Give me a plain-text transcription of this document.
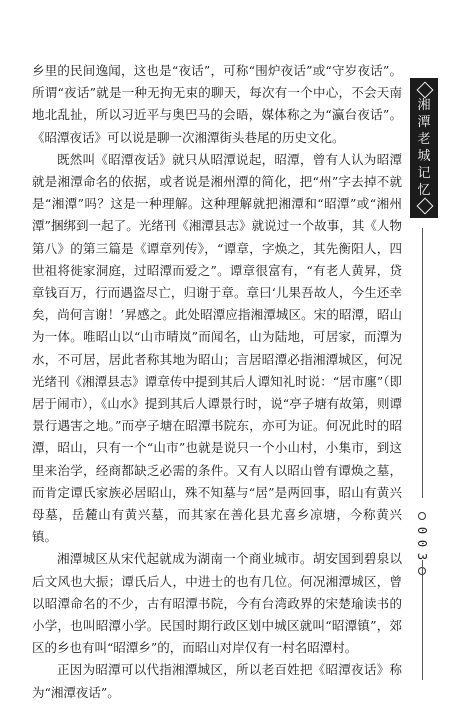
乡里的民间逸闻，这也是“夜话”，可称“围炉夜话”或“守岁夜话”。所谓“夜话”就是一种无拘无束的聊天，每次有一个中心，不会天南地北乱扯，所以习近平与奥巴马的会晤，媒体称之为“瀛台夜话”。《昭潭夜话》可以说是聊一次湘潭街头巷尾的历史文化。

既然叫《昭潭夜话》就只从昭潭说起，昭潭，曾有人认为昭潭就是湘潭命名的依据，或者说是湘州潭的简化，把“州”字去掉不就是“湘潭”吗？这是一种理解。这种理解就把湘潭和“昭潭”或“湘州潭”捆绑到一起了。光绪刊《湘潭县志》就说过一个故事，其《人物第八》的第三篇是《谭章列传》，“谭章，字焕之，其先衡阳人，四世祖将徙家洞庭，过昭潭而爱之”。谭章很富有，“有老人黄昇，贷章钱百万，行而遇盗尽亡，归谢于章。章曰‘儿果吾故人，今生还幸矣，尚何言谢！’昇感之。此处昭潭应指湘潭城区。宋的昭潭，昭山为一体。唯昭山以“山市晴岚”而闻名，山为陆地，可居家，而潭为水，不可居，居此者称其地为昭山；言居昭潭必指湘潭城区，何况光绪刊《湘潭县志》谭章传中提到其后人谭知礼时说：“居市廛”（即居于闹市），《山水》提到其后人谭景行时，说“亭子塘有故第，则谭景行遇害之地。”而亭子塘在昭潭书院东，亦可为证。何况此时的昭潭，昭山，只有一个“山市”也就是说只一个小山村，小集市，到这里来治学，经商都缺乏必需的条件。又有人以昭山曾有谭焕之墓，而肯定谭氏家族必居昭山，殊不知墓与“居”是两回事，昭山有黄兴母墓，岳麓山有黄兴墓，而其家在善化县尤喜乡凉塘，今称黄兴镇。

湘潭城区从宋代起就成为湖南一个商业城市。胡安国到碧泉以后文风也大振；谭氏后人，中进士的也有几位。何况湘潭城区，曾以昭潭命名的不少，古有昭潭书院，今有台湾政界的宋楚瑜读书的小学，也叫昭潭小学。民国时期行政区划中城区就叫“昭潭镇”，郊区的乡也有叫“昭潭乡”的，而昭山对岸仅有一村名昭潭村。

正因为昭潭可以代指湘潭城区，所以老百姓把《昭潭夜话》称为“湘潭夜话”。

湘
潭
老
城
记
忆
0
0
3
